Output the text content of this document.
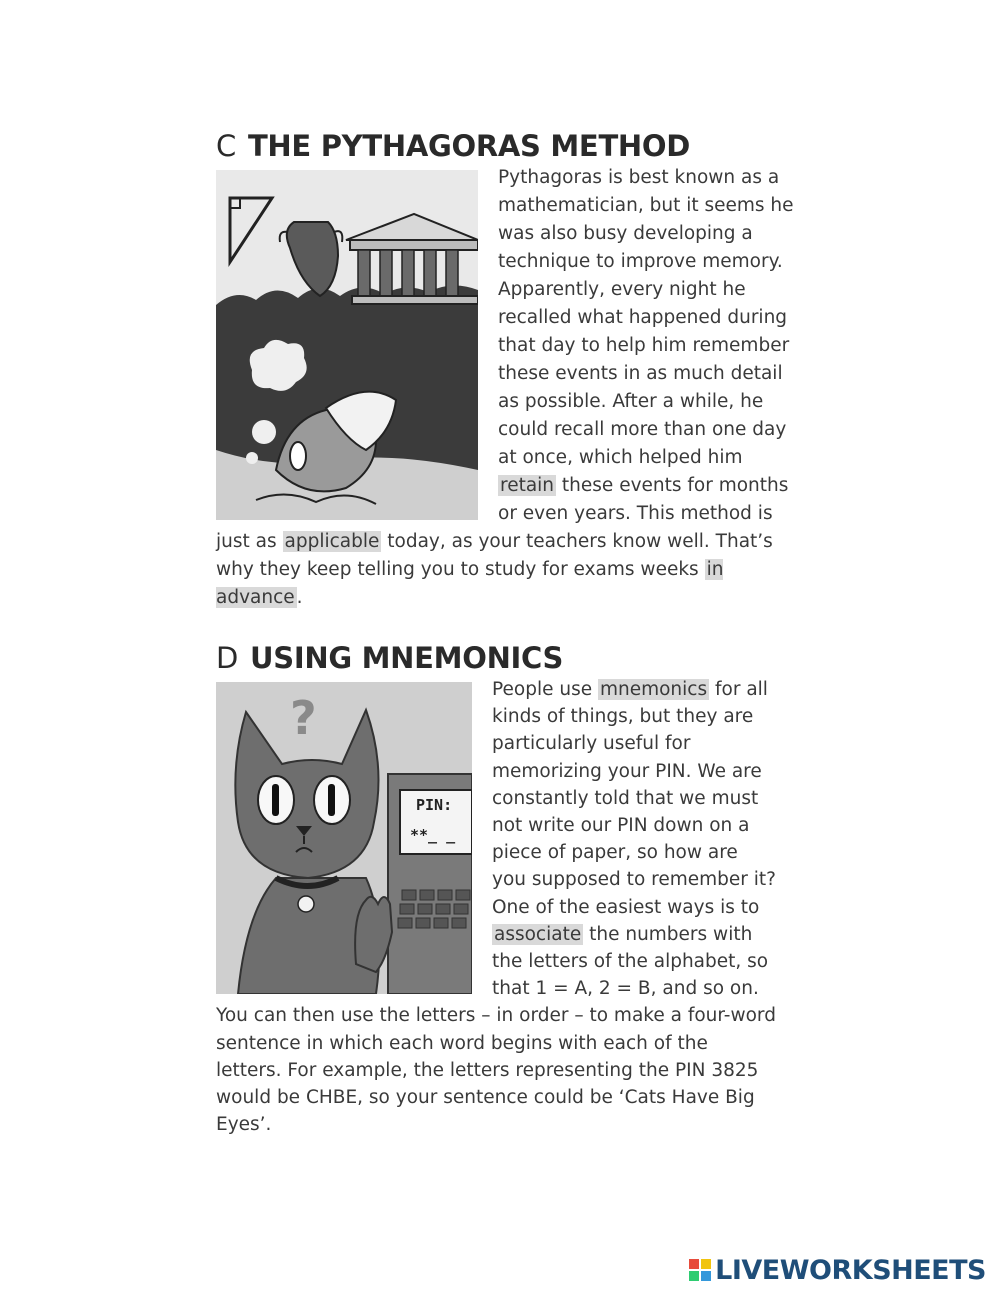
C THE PYTHAGORAS METHOD

Pythagoras is best known as a mathematician, but it seems he was also busy developing a technique to improve memory. Apparently, every night he recalled what happened during that day to help him remember these events in as much detail as possible. After a while, he could recall more than one day at once, which helped him retain these events for months or even years. This method is just as applicable today, as your teachers know well. That’s why they keep telling you to study for exams weeks in advance .

D USING MNEMONICS
PIN:
**_ _
?

People use mnemonics for all kinds of things, but they are particularly useful for memorizing your PIN. We are constantly told that we must not write our PIN down on a piece of paper, so how are you supposed to remember it? One of the easiest ways is to associate the numbers with the letters of the alphabet, so that 1 = A, 2 = B, and so on. You can then use the letters – in order – to make a four-word sentence in which each word begins with each of the letters. For example, the letters representing the PIN 3825 would be CHBE, so your sentence could be ‘Cats Have Big Eyes’.

LIVEWORKSHEETS
